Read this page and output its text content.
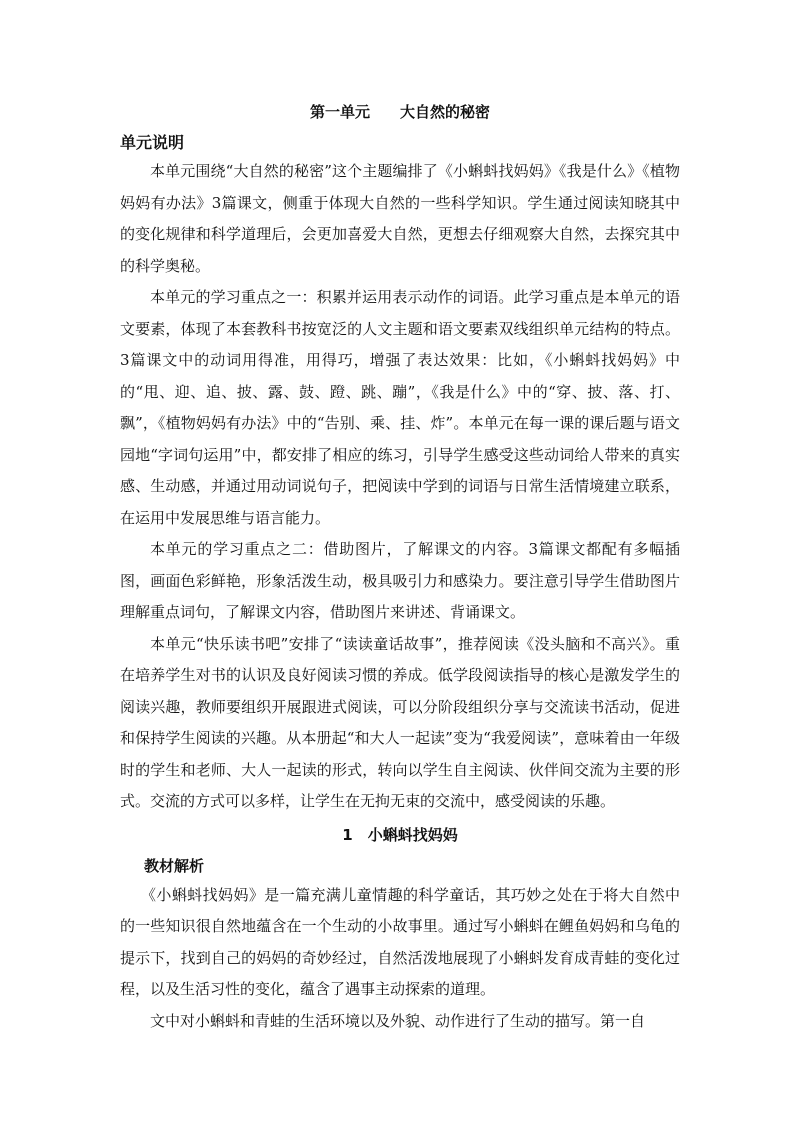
第一单元　　大自然的秘密
单元说明

本单元围绕“大自然的秘密”这个主题编排了《小蝌蚪找妈妈》《我是什么》《植物妈妈有办法》3篇课文，侧重于体现大自然的一些科学知识。学生通过阅读知晓其中的变化规律和科学道理后，会更加喜爱大自然，更想去仔细观察大自然，去探究其中的科学奥秘。

本单元的学习重点之一：积累并运用表示动作的词语。此学习重点是本单元的语文要素，体现了本套教科书按宽泛的人文主题和语文要素双线组织单元结构的特点。3篇课文中的动词用得准，用得巧，增强了表达效果：比如，《小蝌蚪找妈妈》中的“甩、迎、追、披、露、鼓、蹬、跳、蹦”，《我是什么》中的“穿、披、落、打、飘”，《植物妈妈有办法》中的“告别、乘、挂、炸”。本单元在每一课的课后题与语文园地“字词句运用”中，都安排了相应的练习，引导学生感受这些动词给人带来的真实感、生动感，并通过用动词说句子，把阅读中学到的词语与日常生活情境建立联系，在运用中发展思维与语言能力。

本单元的学习重点之二：借助图片，了解课文的内容。3篇课文都配有多幅插图，画面色彩鲜艳，形象活泼生动，极具吸引力和感染力。要注意引导学生借助图片理解重点词句，了解课文内容，借助图片来讲述、背诵课文。

本单元“快乐读书吧”安排了“读读童话故事”，推荐阅读《没头脑和不高兴》。重在培养学生对书的认识及良好阅读习惯的养成。低学段阅读指导的核心是激发学生的阅读兴趣，教师要组织开展跟进式阅读，可以分阶段组织分享与交流读书活动，促进和保持学生阅读的兴趣。从本册起“和大人一起读”变为“我爱阅读”，意味着由一年级时的学生和老师、大人一起读的形式，转向以学生自主阅读、伙伴间交流为主要的形式。交流的方式可以多样，让学生在无拘无束的交流中，感受阅读的乐趣。

1　小蝌蚪找妈妈
教材解析

《小蝌蚪找妈妈》是一篇充满儿童情趣的科学童话，其巧妙之处在于将大自然中的一些知识很自然地蕴含在一个生动的小故事里。通过写小蝌蚪在鲤鱼妈妈和乌龟的提示下，找到自己的妈妈的奇妙经过，自然活泼地展现了小蝌蚪发育成青蛙的变化过程，以及生活习性的变化，蕴含了遇事主动探索的道理。

文中对小蝌蚪和青蛙的生活环境以及外貌、动作进行了生动的描写。第一自
